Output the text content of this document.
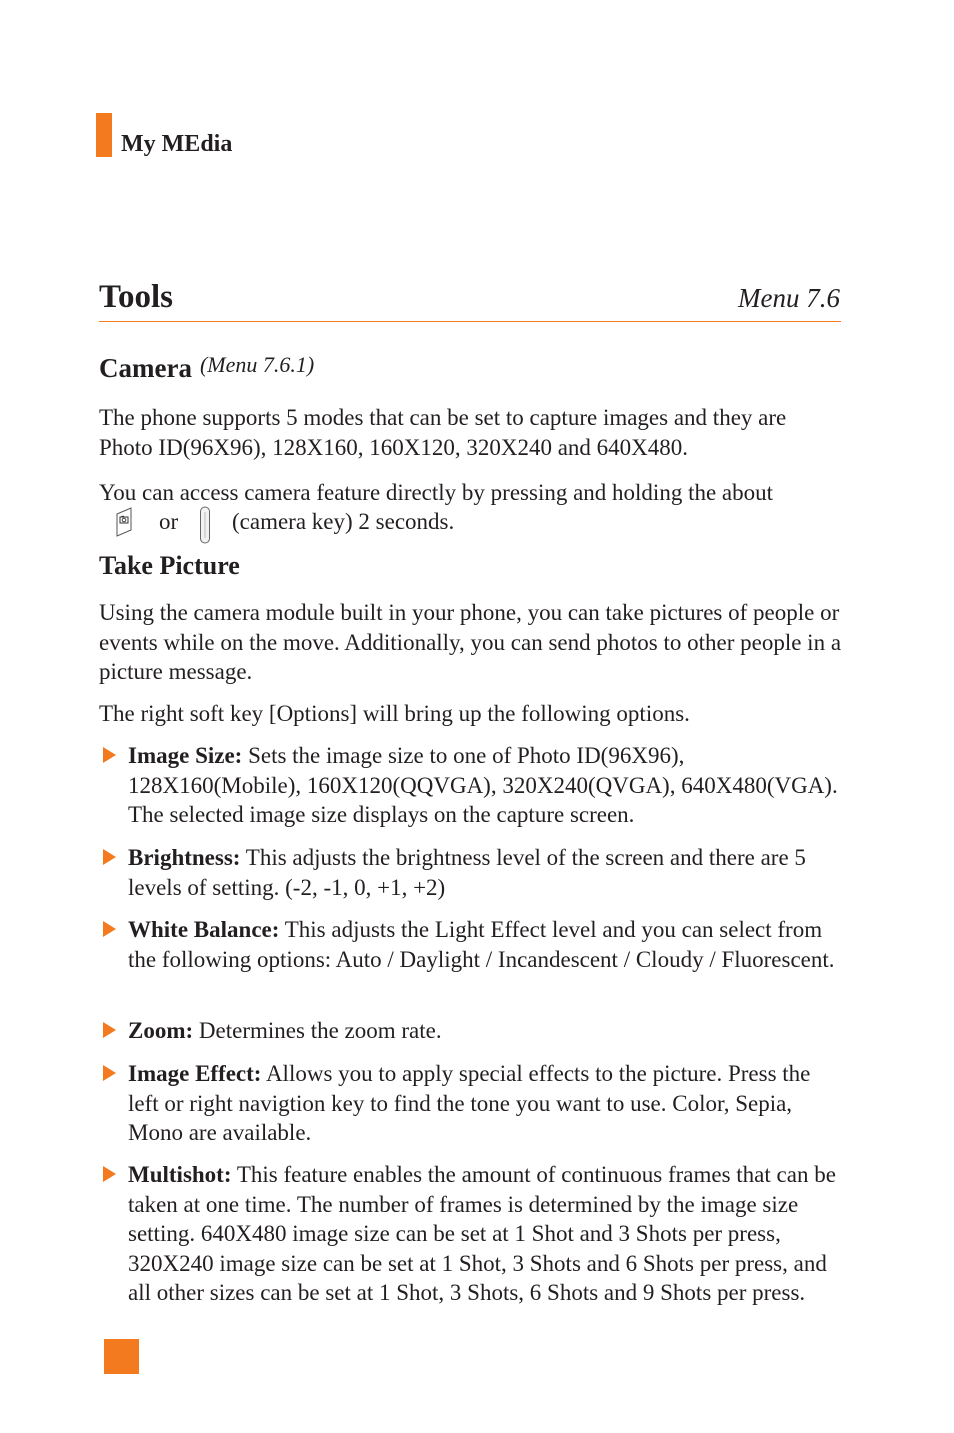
My MEdia
Tools	Menu 7.6
Camera (Menu 7.6.1)
The phone supports 5 modes that can be set to capture images and they are Photo ID(96X96), 128X160, 160X120, 320X240 and 640X480.
You can access camera feature directly by pressing and holding the about
or (camera key) 2 seconds.
Take Picture
Using the camera module built in your phone, you can take pictures of people or events while on the move. Additionally, you can send photos to other people in a picture message.
The right soft key [Options] will bring up the following options.
Image Size: Sets the image size to one of Photo ID(96X96), 128X160(Mobile), 160X120(QQVGA), 320X240(QVGA), 640X480(VGA). The selected image size displays on the capture screen.
Brightness: This adjusts the brightness level of the screen and there are 5 levels of setting. (-2, -1, 0, +1, +2)
White Balance: This adjusts the Light Effect level and you can select from the following options: Auto / Daylight / Incandescent / Cloudy / Fluorescent.
Zoom: Determines the zoom rate.
Image Effect: Allows you to apply special effects to the picture. Press the left or right navigtion key to find the tone you want to use. Color, Sepia, Mono are available.
Multishot: This feature enables the amount of continuous frames that can be taken at one time. The number of frames is determined by the image size setting. 640X480 image size can be set at 1 Shot and 3 Shots per press, 320X240 image size can be set at 1 Shot, 3 Shots and 6 Shots per press, and all other sizes can be set at 1 Shot, 3 Shots, 6 Shots and 9 Shots per press.
